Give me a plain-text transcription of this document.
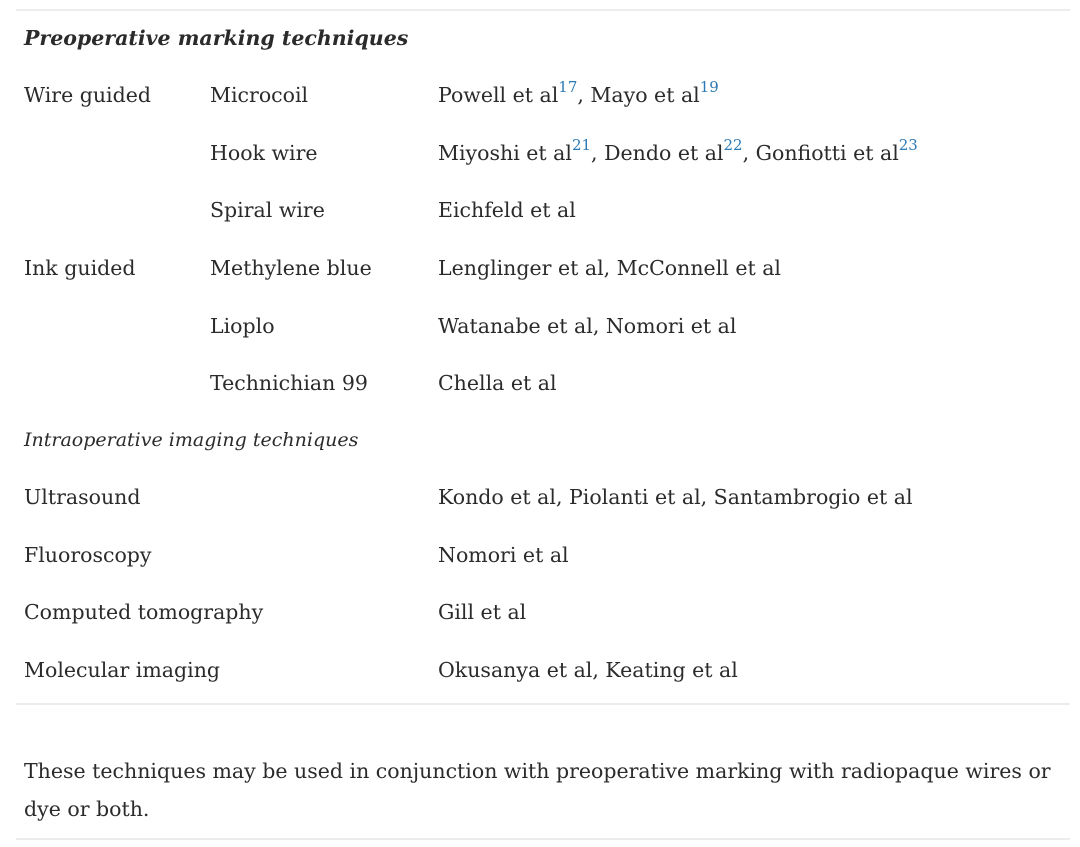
Preoperative marking techniques		
Wire guided	Microcoil	Powell et $al^{17}$, Mayo et $al^{19}$
	Hook wire	Miyoshi et $al^{21}$, Dendo et $al^{22}$, Gonfiotti et $al^{23}$
	Spiral wire	Eichfeld et al
Ink guided	Methylene blue	Lenglinger et al, McConnell et al
	Lioplo	Watanabe et al, Nomori et al
	Technichian 99	Chella et al
Intraoperative imaging techniques		
Ultrasound		Kondo et al, Piolanti et al, Santambrogio et al
Fluoroscopy		Nomori et al
Computed tomography		Gill et al
Molecular imaging		Okusanya et al, Keating et al

These techniques may be used in conjunction with preoperative marking with radiopaque wires or dye or both.
